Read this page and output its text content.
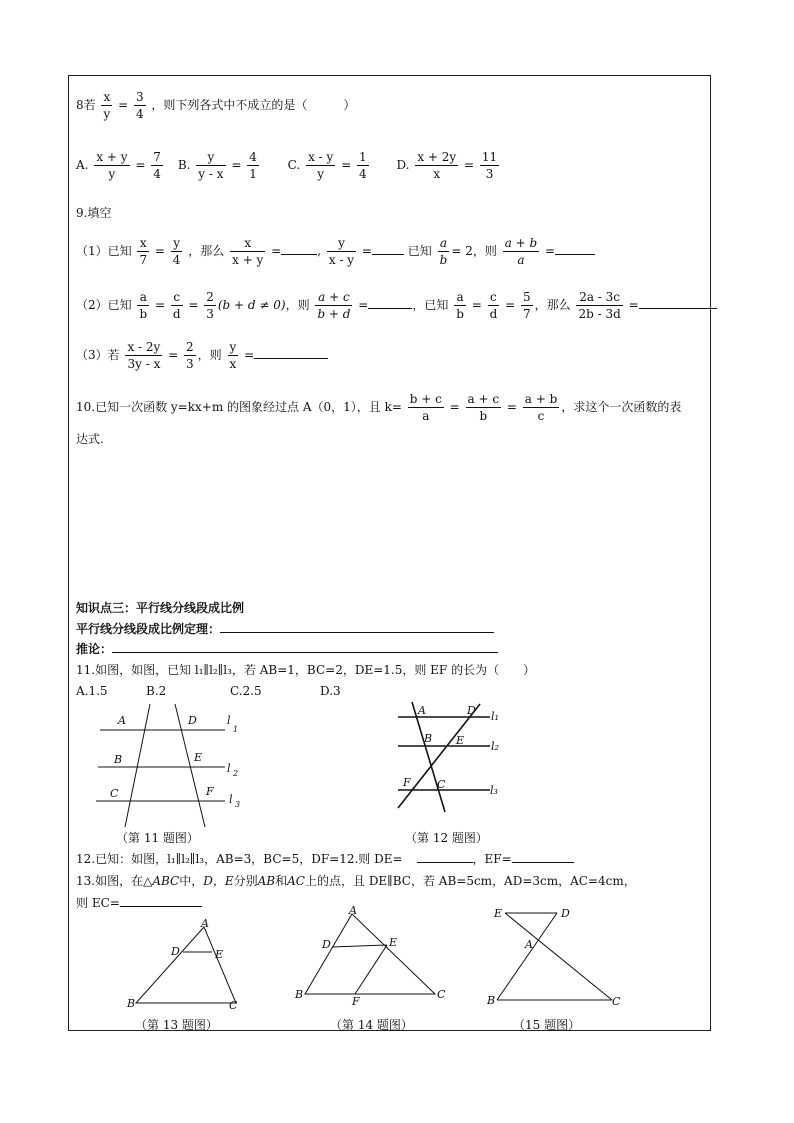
8若 $\frac{x}{y} = \frac{3}{4}$ ，则下列各式中不成立的是（　　　）
A. $\frac{x + y}{y} = \frac{7}{4} B$. $\frac{y}{y - x} = \frac{4}{1} C$. $\frac{x - y}{y} = \frac{1}{4} D$. $\frac{x + 2y}{x} = \frac{11}{3}$
9.填空
（1）已知 $\frac{x}{7} = \frac{y}{4}$ ，那么 $\frac{x}{x + y}$ =	, $\frac{y}{x - y}$ =	已知 $\frac{a}{b} = 2$，则 $\frac{a + b}{a}$ =
（2）已知 $\frac{a}{b} = \frac{c}{d} = \frac{2}{3} (b + d \ne 0)$，则 $\frac{a + c}{b + d}$ =	，已知 $\frac{a}{b} = \frac{c}{d} = \frac{5}{7}$ ，那么 $\frac{2a - 3c}{2b - 3d}$ =
（3）若 $\frac{x - 2y}{3y - x} = \frac{2}{3}$ ，则 $\frac{y}{x}$ =
10.已知一次函数 y=kx+m 的图象经过点 A（0，1），且 $k= \frac{b + c}{a} = \frac{a + c}{b} = \frac{a + b}{c}$ ，求这个一次函数的表
达式.
知识点三：平行线分线段成比例
平行线分线段成比例定理：
推论：
11.如图，如图，已知 l₁∥l₂∥l₃，若 AB=1，BC=2，DE=1.5，则 EF 的长为（　　）
A.1.5	B.2	C.2.5	D.3
A
B
C
D
E
F
l
1
l 2
l 3
（第 11 题图）
A
B
F C
D
E
l₁
l₂
l₃
（第 12 题图）
12.已知：如图，l₁∥l₂∥l₃，AB=3，BC=5，DF=12.则 DE=	，EF=
13.如图，在△ABC中，D，E分别AB和AC上的点，且 DE∥BC，若 AB=5cm，AD=3cm，AC=4cm，
则 EC=
A
D	E
B	C
（第 13 题图）
A
D	E
B
F
C
（第 14 题图）
E	D
A
B	C
（15 题图）
